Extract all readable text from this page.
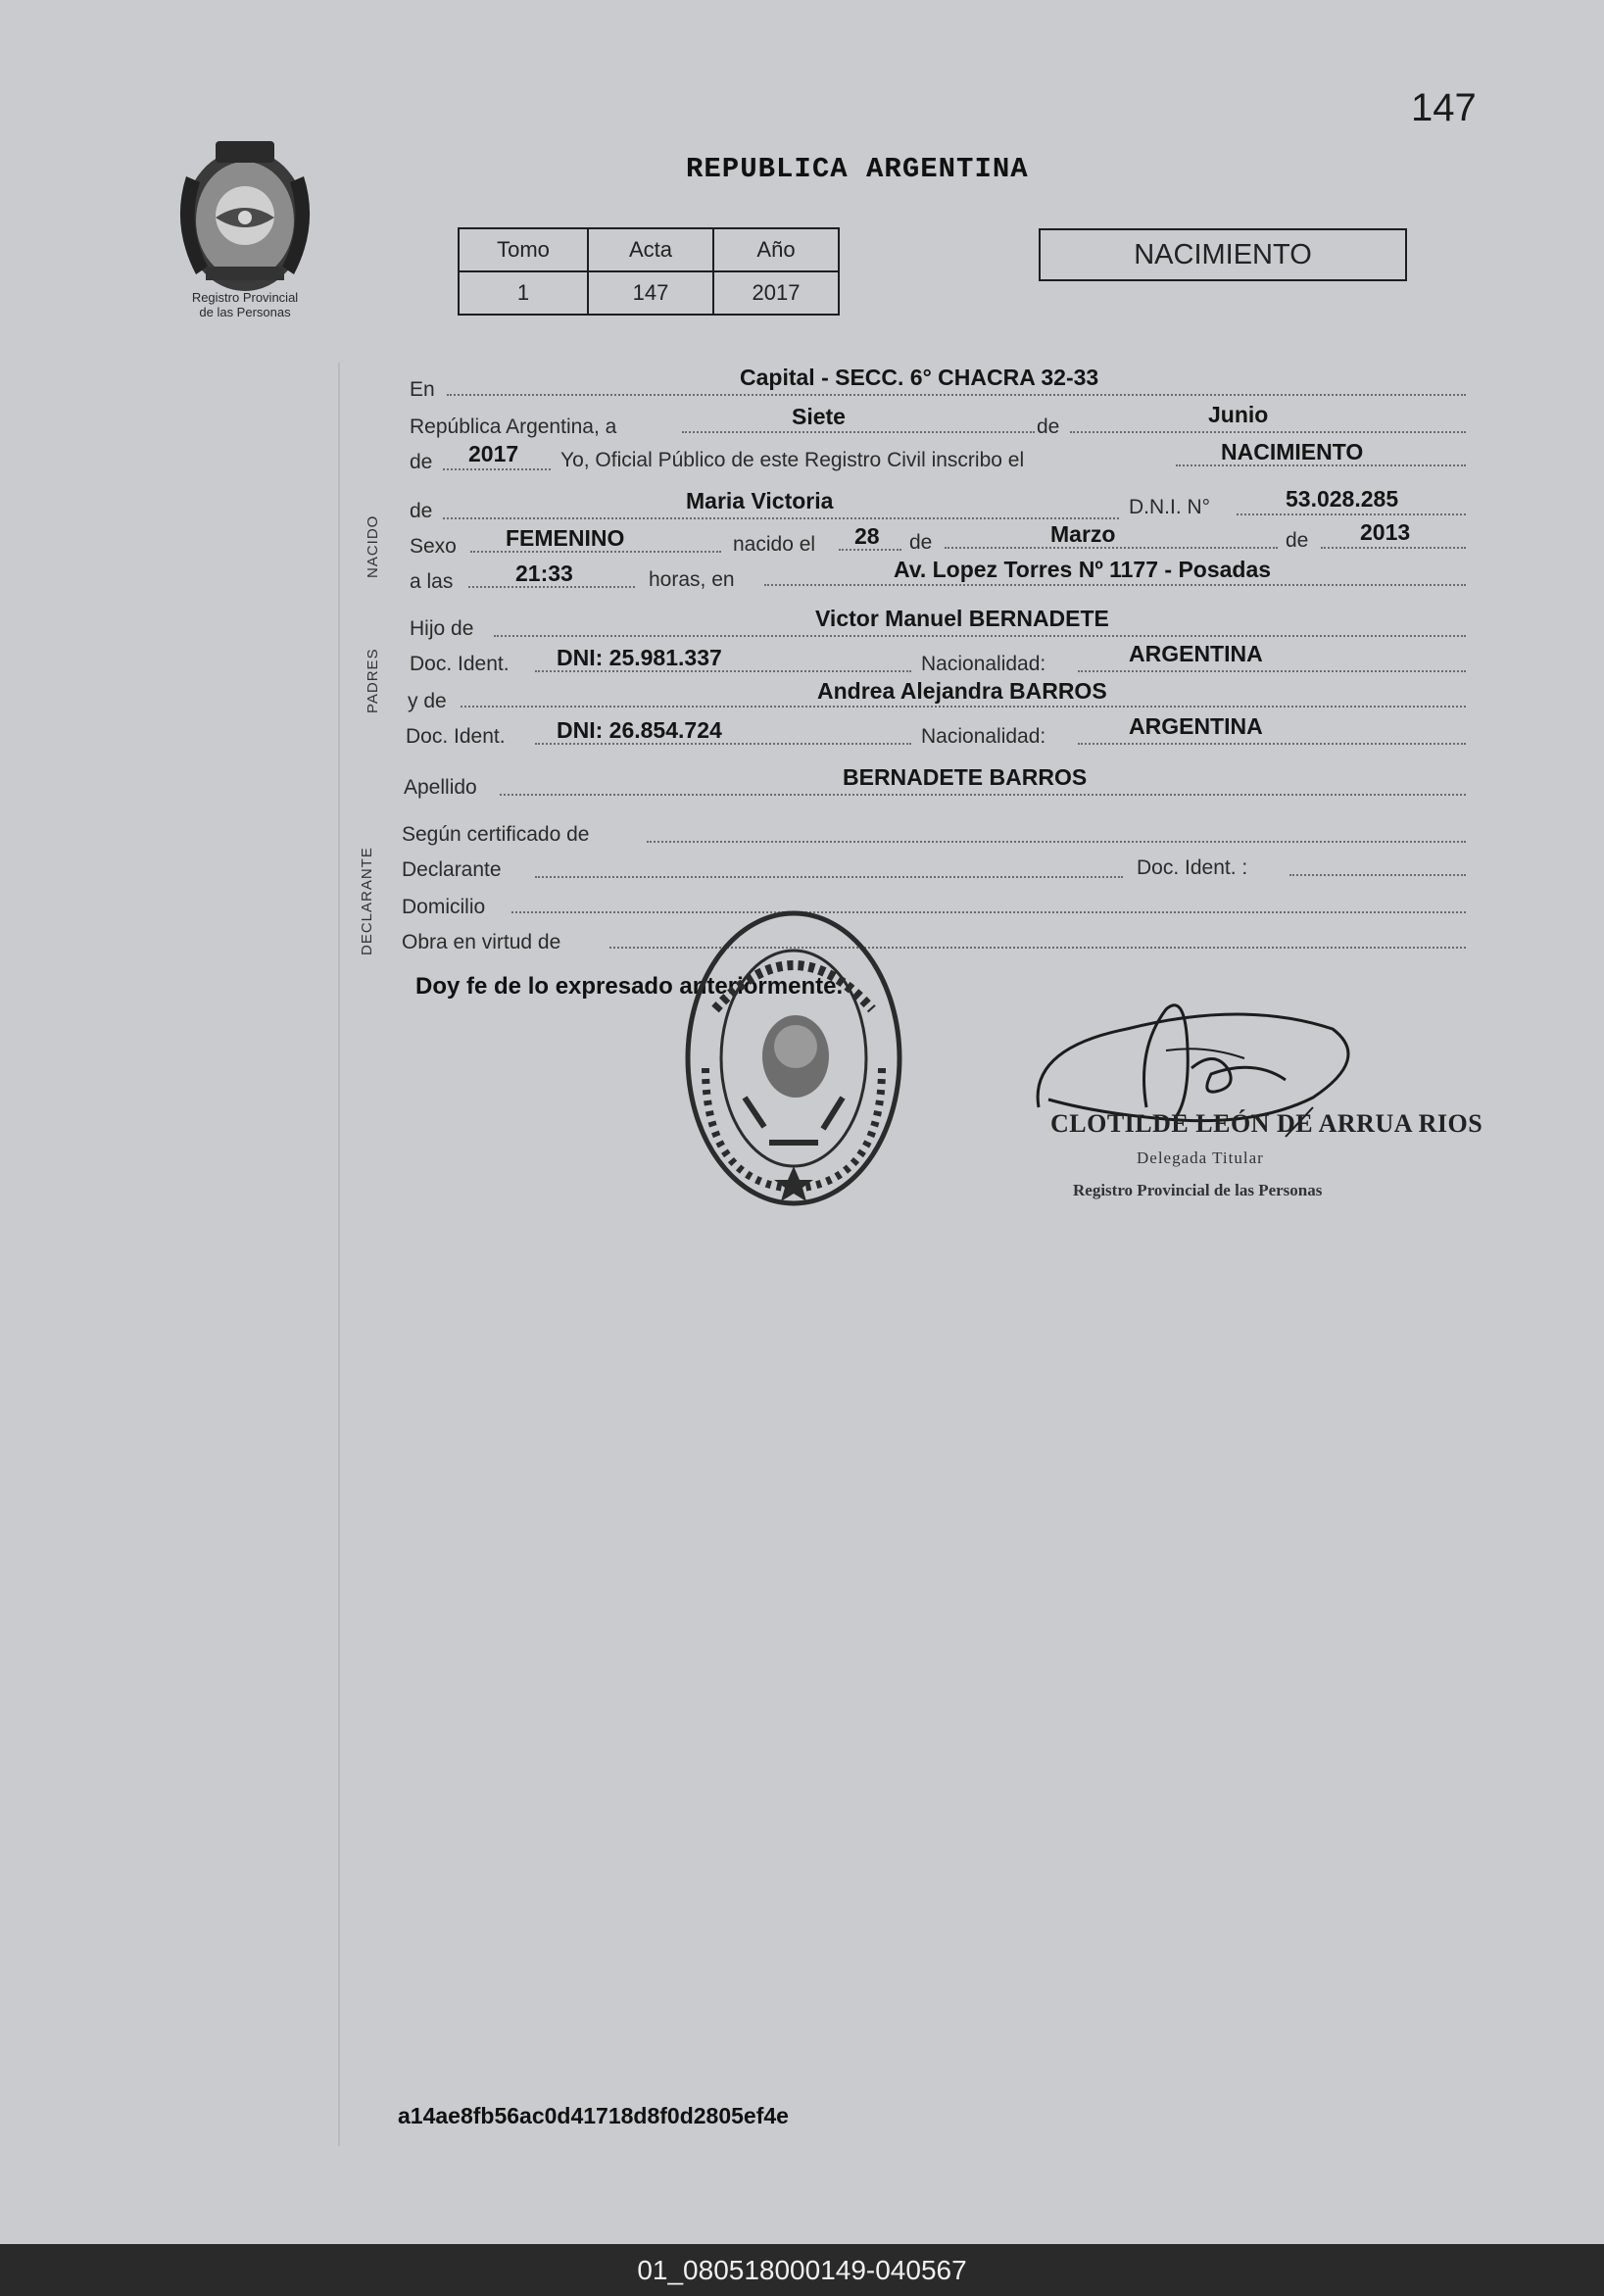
147
Registro Provincial
de las Personas
REPUBLICA ARGENTINA
Tomo	Acta	Año
1	147	2017
NACIMIENTO
NACIDO
PADRES
DECLARANTE
En	Capital - SECC. 6° CHACRA 32-33
República Argentina, a	Siete	de	Junio
de 2017 Yo, Oficial Público de este Registro Civil inscribo el	NACIMIENTO
de	Maria Victoria	D.N.I. N°	53.028.285
Sexo FEMENINO	nacido el 28 de	Marzo	de 2013
a las	21:33	horas, en	Av. Lopez Torres Nº 1177 - Posadas
Hijo de	Victor Manuel BERNADETE
Doc. Ident. DNI: 25.981.337	Nacionalidad:	ARGENTINA
y de	Andrea Alejandra BARROS
Doc. Ident. DNI: 26.854.724	Nacionalidad:	ARGENTINA
Apellido	BERNADETE BARROS
Según certificado de
Declarante	Doc. Ident. :
Domicilio
Obra en virtud de
Doy fe de lo expresado anteriormente.
CLOTILDE LEÓN DE ARRUA RIOS
Delegada Titular
Registro Provincial de las Personas
a14ae8fb56ac0d41718d8f0d2805ef4e
01_080518000149-040567
